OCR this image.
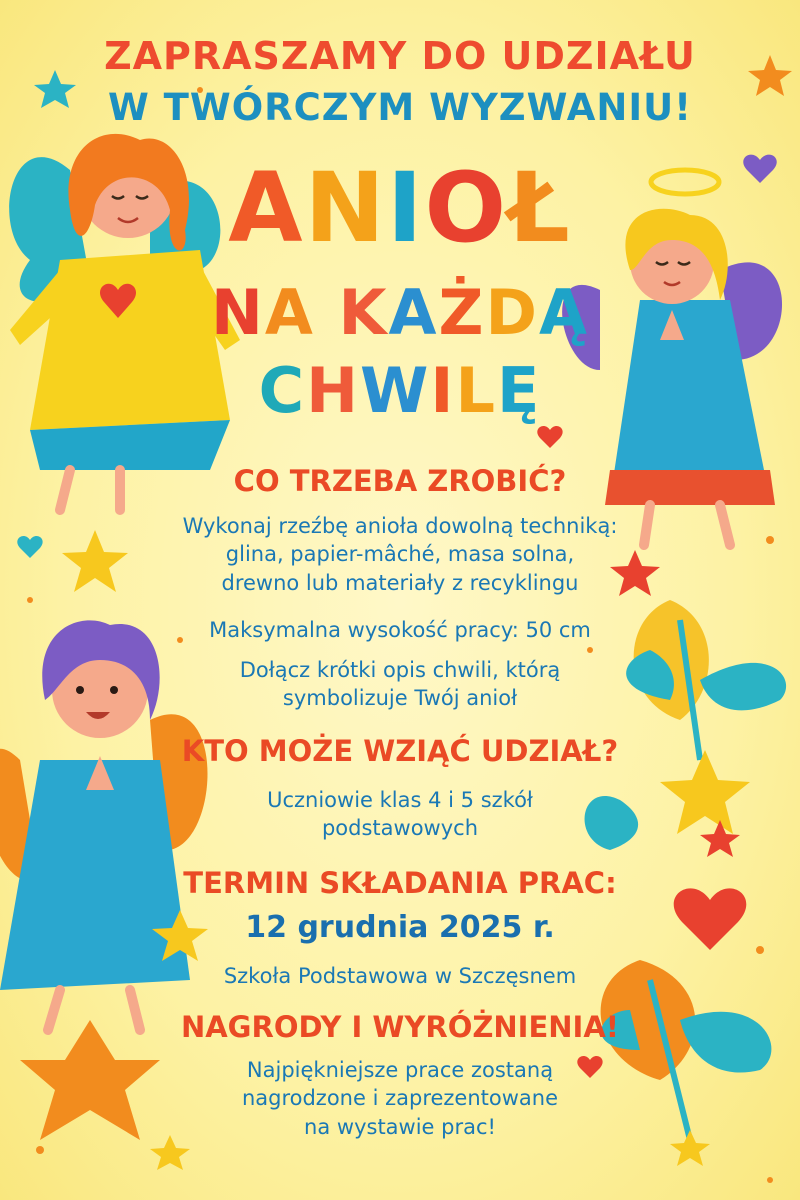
ZAPRASZAMY DO UDZIAŁU

W TWÓRCZYM WYZWANIU!

ANIOŁ
NA KAŻDĄ
CHWILĘ

CO TRZEBA ZROBIĆ?

Wykonaj rzeźbę anioła dowolną techniką:
glina, papier-mâché, masa solna,
drewno lub materiały z recyklingu

Maksymalna wysokość pracy: 50 cm

Dołącz krótki opis chwili, którą
symbolizuje Twój anioł

KTO MOŻE WZIĄĆ UDZIAŁ?

Uczniowie klas 4 i 5 szkół
podstawowych

TERMIN SKŁADANIA PRAC:

12 grudnia 2025 r.

Szkoła Podstawowa w Szczęsnem

NAGRODY I WYRÓŻNIENIA!

Najpiękniejsze prace zostaną
nagrodzone i zaprezentowane
na wystawie prac!
